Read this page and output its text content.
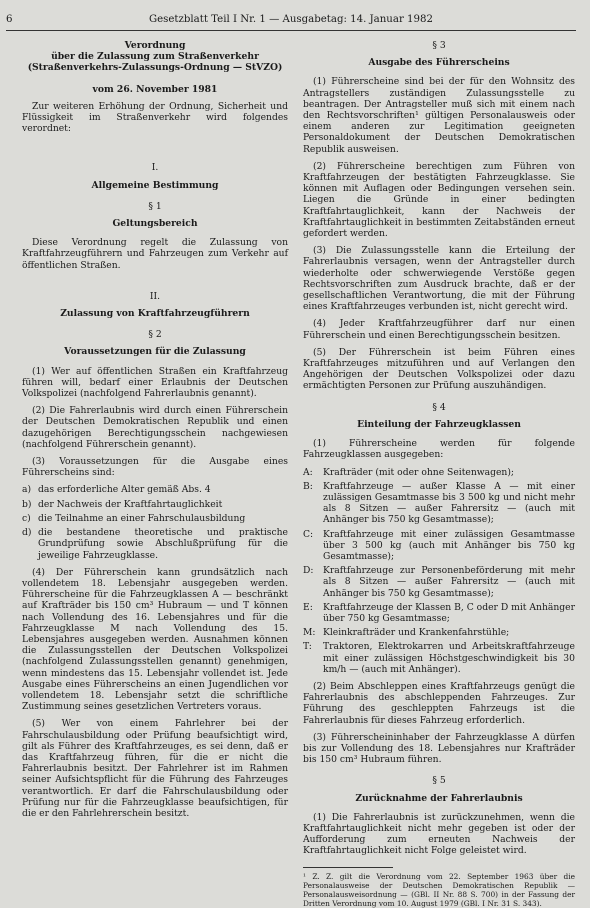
6	Gesetzblatt Teil I Nr. 1 — Ausgabetag: 14. Januar 1982
Verordnung
über die Zulassung zum Straßenverkehr
(Straßenverkehrs-Zulassungs-Ordnung — StVZO)

vom 26. November 1981

Zur weiteren Erhöhung der Ordnung, Sicherheit und Flüssigkeit im Straßenverkehr wird folgendes verordnet:

I.

Allgemeine Bestimmung

§ 1

Geltungsbereich

Diese Verordnung regelt die Zulassung von Kraftfahrzeugführern und Fahrzeugen zum Verkehr auf öffentlichen Straßen.

II.

Zulassung von Kraftfahrzeugführern

§ 2

Voraussetzungen für die Zulassung

(1) Wer auf öffentlichen Straßen ein Kraftfahrzeug führen will, bedarf einer Erlaubnis der Deutschen Volkspolizei (nachfolgend Fahrerlaubnis genannt).

(2) Die Fahrerlaubnis wird durch einen Führerschein der Deutschen Demokratischen Republik und einen dazugehörigen Berechtigungsschein nachgewiesen (nachfolgend Führerschein genannt).

(3) Voraussetzungen für die Ausgabe eines Führerscheins sind:

a) das erforderliche Alter gemäß Abs. 4
b) der Nachweis der Kraftfahrtauglichkeit
c) die Teilnahme an einer Fahrschulausbildung
d) die bestandene theoretische und praktische Grundprüfung sowie Abschlußprüfung für die jeweilige Fahrzeugklasse.

(4) Der Führerschein kann grundsätzlich nach vollendetem 18. Lebensjahr ausgegeben werden. Führerscheine für die Fahrzeugklassen A — beschränkt auf Krafträder bis 150 cm³ Hubraum — und T können nach Vollendung des 16. Lebensjahres und für die Fahrzeugklasse M nach Vollendung des 15. Lebensjahres ausgegeben werden. Ausnahmen können die Zulassungsstellen der Deutschen Volkspolizei (nachfolgend Zulassungsstellen genannt) genehmigen, wenn mindestens das 15. Lebensjahr vollendet ist. Jede Ausgabe eines Führerscheins an einen Jugendlichen vor vollendetem 18. Lebensjahr setzt die schriftliche Zustimmung seines gesetzlichen Vertreters voraus.

(5) Wer von einem Fahrlehrer bei der Fahrschulausbildung oder Prüfung beaufsichtigt wird, gilt als Führer des Kraftfahrzeuges, es sei denn, daß er das Kraftfahrzeug führen, für die er nicht die Fahrerlaubnis besitzt. Der Fahrlehrer ist im Rahmen seiner Aufsichtspflicht für die Führung des Fahrzeuges verantwortlich. Er darf die Fahrschulausbildung oder Prüfung nur für die Fahrzeugklasse beaufsichtigen, für die er den Fahrlehrerschein besitzt.

§ 3

Ausgabe des Führerscheins

(1) Führerscheine sind bei der für den Wohnsitz des Antragstellers zuständigen Zulassungsstelle zu beantragen. Der Antragsteller muß sich mit einem nach den Rechtsvorschriften¹ gültigen Personalausweis oder einem anderen zur Legitimation geeigneten Personaldokument der Deutschen Demokratischen Republik ausweisen.

(2) Führerscheine berechtigen zum Führen von Kraftfahrzeugen der bestätigten Fahrzeugklasse. Sie können mit Auflagen oder Bedingungen versehen sein. Liegen die Gründe in einer bedingten Kraftfahrtauglichkeit, kann der Nachweis der Kraftfahrtauglichkeit in bestimmten Zeitabständen erneut gefordert werden.

(3) Die Zulassungsstelle kann die Erteilung der Fahrerlaubnis versagen, wenn der Antragsteller durch wiederholte oder schwerwiegende Verstöße gegen Rechtsvorschriften zum Ausdruck brachte, daß er der gesellschaftlichen Verantwortung, die mit der Führung eines Kraftfahrzeuges verbunden ist, nicht gerecht wird.

(4) Jeder Kraftfahrzeugführer darf nur einen Führerschein und einen Berechtigungsschein besitzen.

(5) Der Führerschein ist beim Führen eines Kraftfahrzeuges mitzuführen und auf Verlangen den Angehörigen der Deutschen Volkspolizei oder dazu ermächtigten Personen zur Prüfung auszuhändigen.

§ 4

Einteilung der Fahrzeugklassen

(1) Führerscheine werden für folgende Fahrzeugklassen ausgegeben:

A:	Krafträder (mit oder ohne Seitenwagen);
B:	Kraftfahrzeuge — außer Klasse A — mit einer zulässigen Gesamtmasse bis 3 500 kg und nicht mehr als 8 Sitzen — außer Fahrersitz — (auch mit Anhänger bis 750 kg Gesamtmasse);
C:	Kraftfahrzeuge mit einer zulässigen Gesamtmasse über 3 500 kg (auch mit Anhänger bis 750 kg Gesamtmasse);
D:	Kraftfahrzeuge zur Personenbeförderung mit mehr als 8 Sitzen — außer Fahrersitz — (auch mit Anhänger bis 750 kg Gesamtmasse);
E:	Kraftfahrzeuge der Klassen B, C oder D mit Anhänger über 750 kg Gesamtmasse;
M: Kleinkrafträder und Krankenfahrstühle;
T:	Traktoren, Elektrokarren und Arbeitskraftfahrzeuge mit einer zulässigen Höchstgeschwindigkeit bis 30 km/h — (auch mit Anhänger).

(2) Beim Abschleppen eines Kraftfahrzeugs genügt die Fahrerlaubnis des abschleppenden Fahrzeuges. Zur Führung des geschleppten Fahrzeugs ist die Fahrerlaubnis für dieses Fahrzeug erforderlich.

(3) Führerscheininhaber der Fahrzeugklasse A dürfen bis zur Vollendung des 18. Lebensjahres nur Krafträder bis 150 cm³ Hubraum führen.

§ 5

Zurücknahme der Fahrerlaubnis

(1) Die Fahrerlaubnis ist zurückzunehmen, wenn die Kraftfahrtauglichkeit nicht mehr gegeben ist oder der Aufforderung zum erneuten Nachweis der Kraftfahrtauglichkeit nicht Folge geleistet wird.

¹ Z. Z. gilt die Verordnung vom 22. September 1963 über die Personalausweise der Deutschen Demokratischen Republik — Personalausweisordnung — (GBl. II Nr. 88 S. 700) in der Fassung der Dritten Verordnung vom 10. August 1979 (GBl. I Nr. 31 S. 343).
